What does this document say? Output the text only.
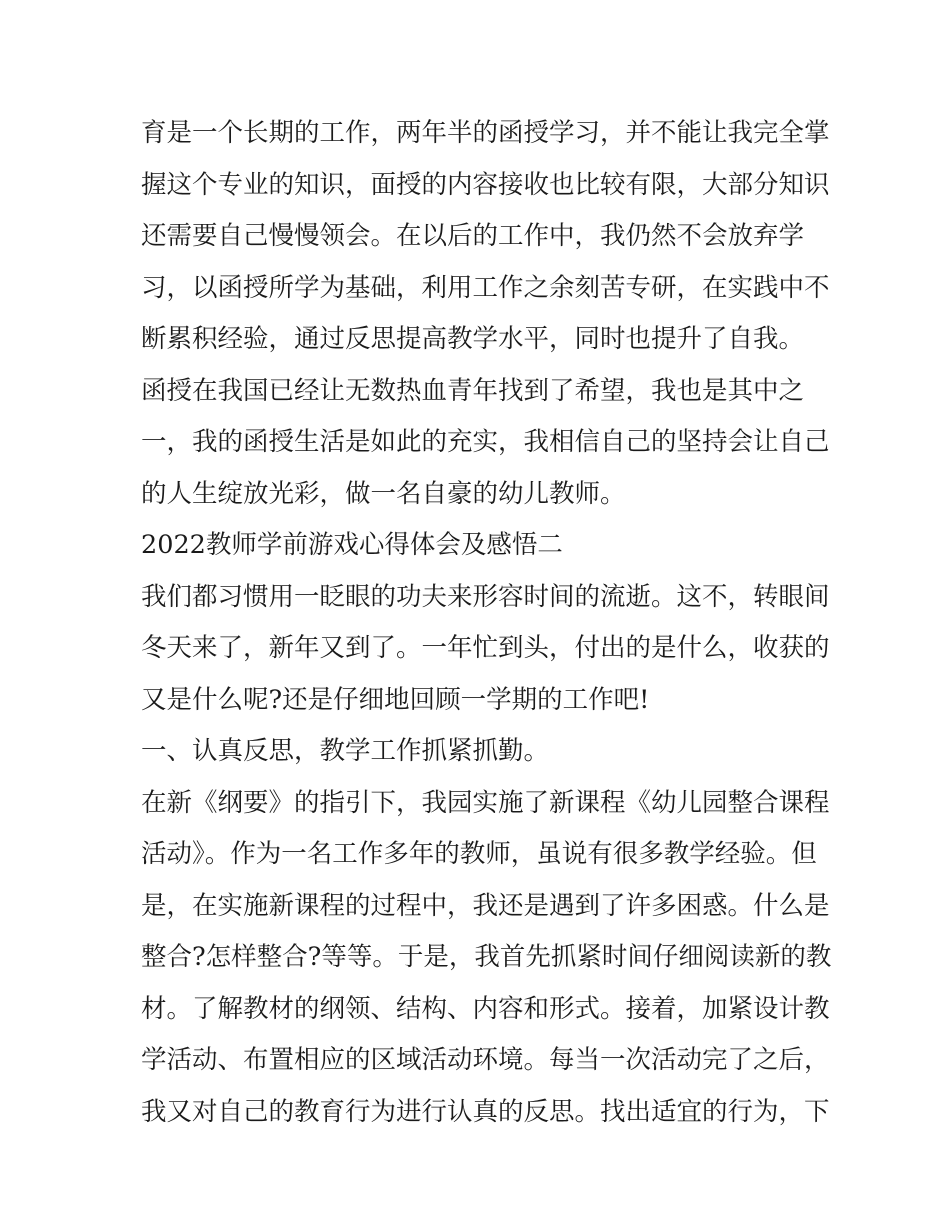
育是一个长期的工作，两年半的函授学习，并不能让我完全掌
握这个专业的知识，面授的内容接收也比较有限，大部分知识
还需要自己慢慢领会。在以后的工作中，我仍然不会放弃学
习，以函授所学为基础，利用工作之余刻苦专研，在实践中不
断累积经验，通过反思提高教学水平，同时也提升了自我。
函授在我国已经让无数热血青年找到了希望，我也是其中之
一，我的函授生活是如此的充实，我相信自己的坚持会让自己
的人生绽放光彩，做一名自豪的幼儿教师。
2022教师学前游戏心得体会及感悟二
我们都习惯用一眨眼的功夫来形容时间的流逝。这不，转眼间
冬天来了，新年又到了。一年忙到头，付出的是什么，收获的
又是什么呢?还是仔细地回顾一学期的工作吧!
一、认真反思，教学工作抓紧抓勤。
在新《纲要》的指引下，我园实施了新课程《幼儿园整合课程
活动》。作为一名工作多年的教师，虽说有很多教学经验。但
是，在实施新课程的过程中，我还是遇到了许多困惑。什么是
整合?怎样整合?等等。于是，我首先抓紧时间仔细阅读新的教
材。了解教材的纲领、结构、内容和形式。接着，加紧设计教
学活动、布置相应的区域活动环境。每当一次活动完了之后，
我又对自己的教育行为进行认真的反思。找出适宜的行为，下
